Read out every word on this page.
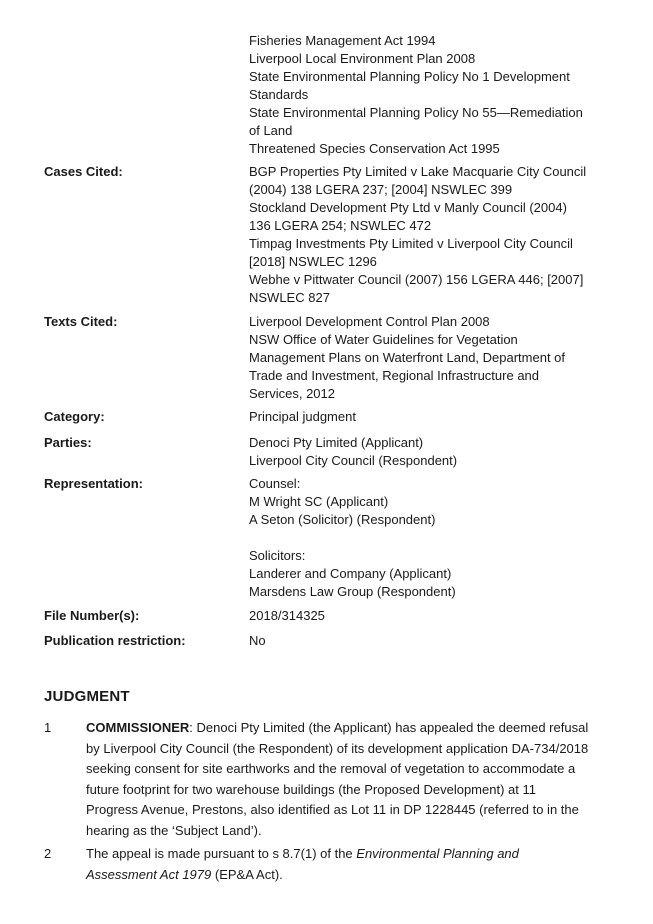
Fisheries Management Act 1994
Liverpool Local Environment Plan 2008
State Environmental Planning Policy No 1 Development
Standards
State Environmental Planning Policy No 55—Remediation
of Land
Threatened Species Conservation Act 1995
Cases Cited:	BGP Properties Pty Limited v Lake Macquarie City Council
(2004) 138 LGERA 237; [2004] NSWLEC 399
Stockland Development Pty Ltd v Manly Council (2004)
136 LGERA 254; NSWLEC 472
Timpag Investments Pty Limited v Liverpool City Council
[2018] NSWLEC 1296
Webhe v Pittwater Council (2007) 156 LGERA 446; [2007]
NSWLEC 827
Texts Cited:	Liverpool Development Control Plan 2008
NSW Office of Water Guidelines for Vegetation
Management Plans on Waterfront Land, Department of
Trade and Investment, Regional Infrastructure and
Services, 2012
Category:	Principal judgment
Parties:	Denoci Pty Limited (Applicant)
Liverpool City Council (Respondent)
Representation:	Counsel:
M Wright SC (Applicant)
A Seton (Solicitor) (Respondent)
Solicitors:
Landerer and Company (Applicant)
Marsdens Law Group (Respondent)
File Number(s):	2018/314325
Publication restriction:	No
JUDGMENT
1	COMMISSIONER: Denoci Pty Limited (the Applicant) has appealed the deemed refusal
by Liverpool City Council (the Respondent) of its development application DA-734/2018
seeking consent for site earthworks and the removal of vegetation to accommodate a
future footprint for two warehouse buildings (the Proposed Development) at 11
Progress Avenue, Prestons, also identified as Lot 11 in DP 1228445 (referred to in the
hearing as the ‘Subject Land’).
2	The appeal is made pursuant to s 8.7(1) of the Environmental Planning and
Assessment Act 1979 (EP&A Act).
